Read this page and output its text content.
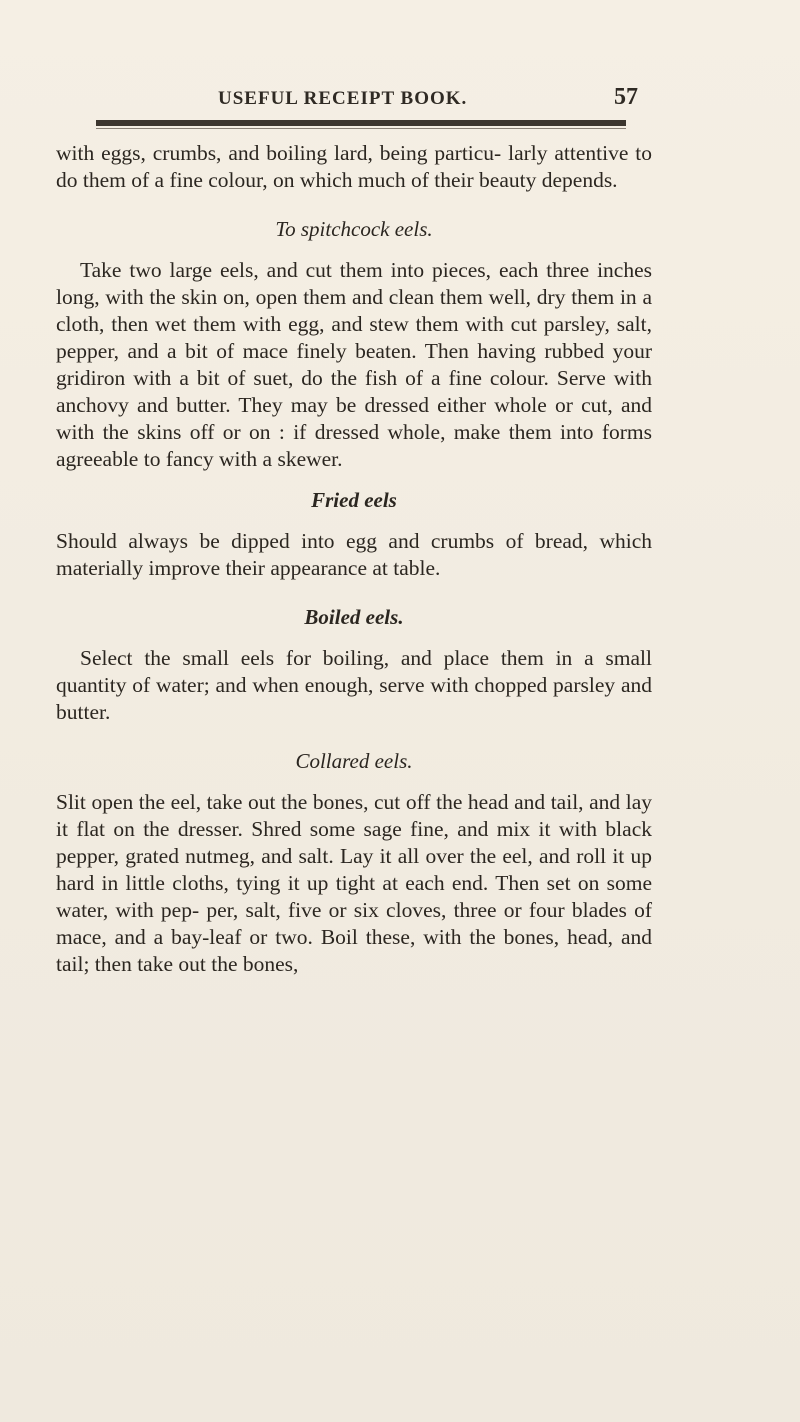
USEFUL RECEIPT BOOK.	57

with eggs, crumbs, and boiling lard, being particu- larly attentive to do them of a fine colour, on which much of their beauty depends.

To spitchcock eels.

Take two large eels, and cut them into pieces, each three inches long, with the skin on, open them and clean them well, dry them in a cloth, then wet them with egg, and stew them with cut parsley, salt, pepper, and a bit of mace finely beaten. Then having rubbed your gridiron with a bit of suet, do the fish of a fine colour. Serve with anchovy and butter. They may be dressed either whole or cut, and with the skins off or on : if dressed whole, make them into forms agreeable to fancy with a skewer.

Fried eels

Should always be dipped into egg and crumbs of bread, which materially improve their appearance at table.

Boiled eels.

Select the small eels for boiling, and place them in a small quantity of water; and when enough, serve with chopped parsley and butter.

Collared eels.

Slit open the eel, take out the bones, cut off the head and tail, and lay it flat on the dresser. Shred some sage fine, and mix it with black pepper, grated nutmeg, and salt. Lay it all over the eel, and roll it up hard in little cloths, tying it up tight at each end. Then set on some water, with pep- per, salt, five or six cloves, three or four blades of mace, and a bay-leaf or two. Boil these, with the bones, head, and tail; then take out the bones,
